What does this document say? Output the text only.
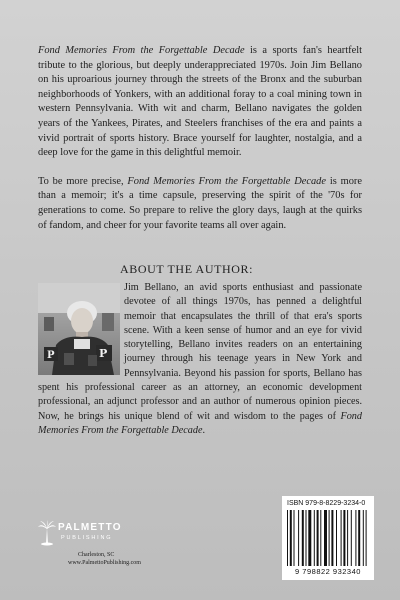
Fond Memories From the Forgettable Decade is a sports fan's heartfelt tribute to the glorious, but deeply underappreciated 1970s. Join Jim Bellano on his uproarious journey through the streets of the Bronx and the suburban neighborhoods of Yonkers, with an additional foray to a coal mining town in western Pennsylvania. With wit and charm, Bellano navigates the golden years of the Yankees, Pirates, and Steelers franchises of the era and paints a vivid portrait of sports history. Brace yourself for laughter, nostalgia, and a deep love for the game in this delightful memoir.

To be more precise, Fond Memories From the Forgettable Decade is more than a memoir; it's a time capsule, preserving the spirit of the '70s for generations to come. So prepare to relive the glory days, laugh at the quirks of fandom, and cheer for your favorite teams all over again.

ABOUT THE AUTHOR:
P	P
Jim Bellano, an avid sports enthusiast and passionate devotee of all things 1970s, has penned a delightful memoir that encapsulates the thrill of that era's sports scene. With a keen sense of humor and an eye for vivid storytelling, Bellano invites readers on an entertaining journey through his teenage years in New York and Pennsylvania. Beyond his passion for sports, Bellano has spent his professional career as an attorney, an economic development professional, an adjunct professor and an author of numerous opinion pieces. Now, he brings his unique blend of wit and wisdom to the pages of Fond Memories From the Forgettable Decade.
PALMETTO
PUBLISHING
Charleston, SC
www.PalmettoPublishing.com
ISBN 979-8-8229-3234-0
9 798822 932340
